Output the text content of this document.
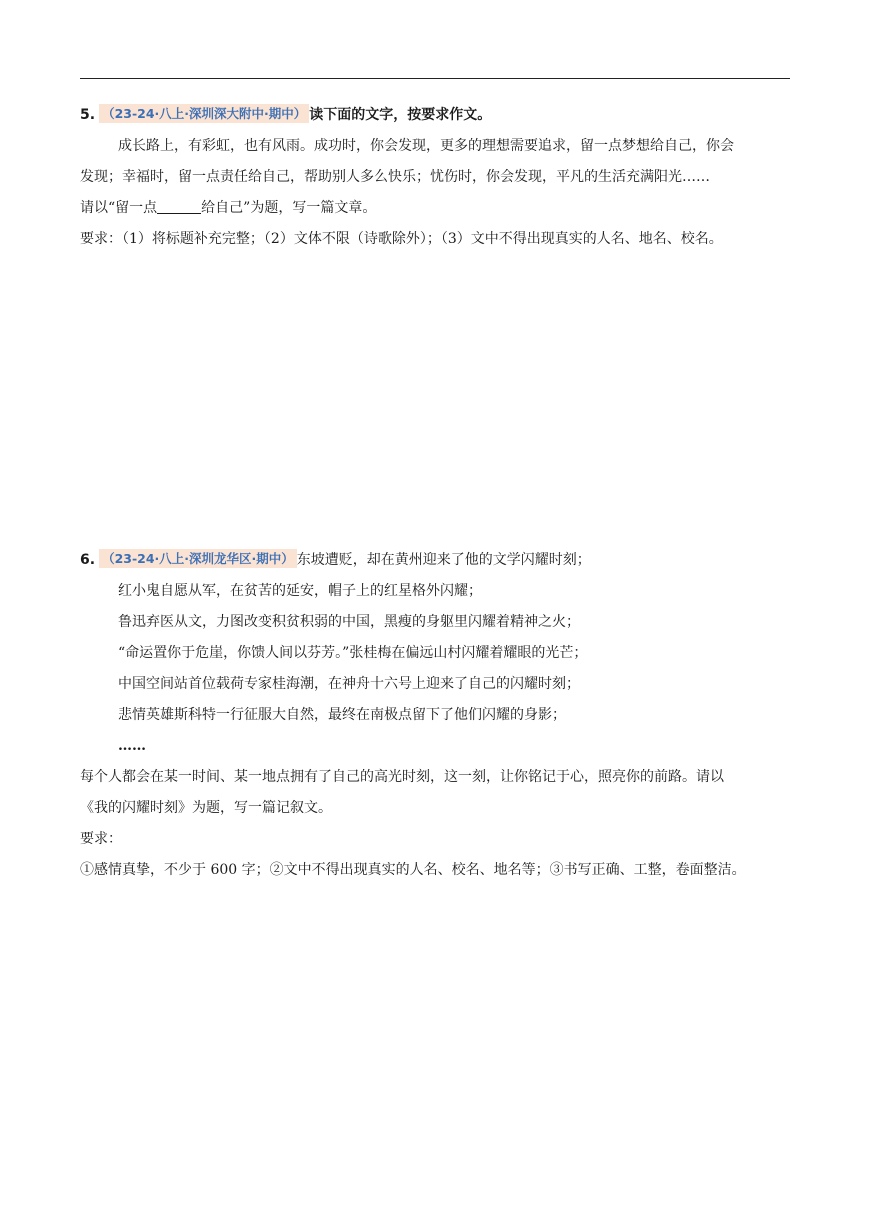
5. （23-24·八上·深圳深大附中·期中） 读下面的文字，按要求作文。
成长路上，有彩虹，也有风雨。成功时，你会发现，更多的理想需要追求，留一点梦想给自己，你会
发现；幸福时，留一点责任给自己，帮助别人多么快乐；忧伤时，你会发现，平凡的生活充满阳光……
请以“留一点	给自己”为题，写一篇文章。
要求：（1）将标题补充完整；（2）文体不限（诗歌除外）；（3）文中不得出现真实的人名、地名、校名。
6. （23-24·八上·深圳龙华区·期中） 东坡遭贬，却在黄州迎来了他的文学闪耀时刻；
红小鬼自愿从军，在贫苦的延安，帽子上的红星格外闪耀；
鲁迅弃医从文，力图改变积贫积弱的中国，黑瘦的身躯里闪耀着精神之火；
“命运置你于危崖，你馈人间以芬芳。”张桂梅在偏远山村闪耀着耀眼的光芒；
中国空间站首位载荷专家桂海潮，在神舟十六号上迎来了自己的闪耀时刻；
悲情英雄斯科特一行征服大自然，最终在南极点留下了他们闪耀的身影；
……
每个人都会在某一时间、某一地点拥有了自己的高光时刻，这一刻，让你铭记于心，照亮你的前路。请以
《我的闪耀时刻》为题，写一篇记叙文。
要求：
①感情真挚，不少于 600 字；②文中不得出现真实的人名、校名、地名等；③书写正确、工整，卷面整洁。
